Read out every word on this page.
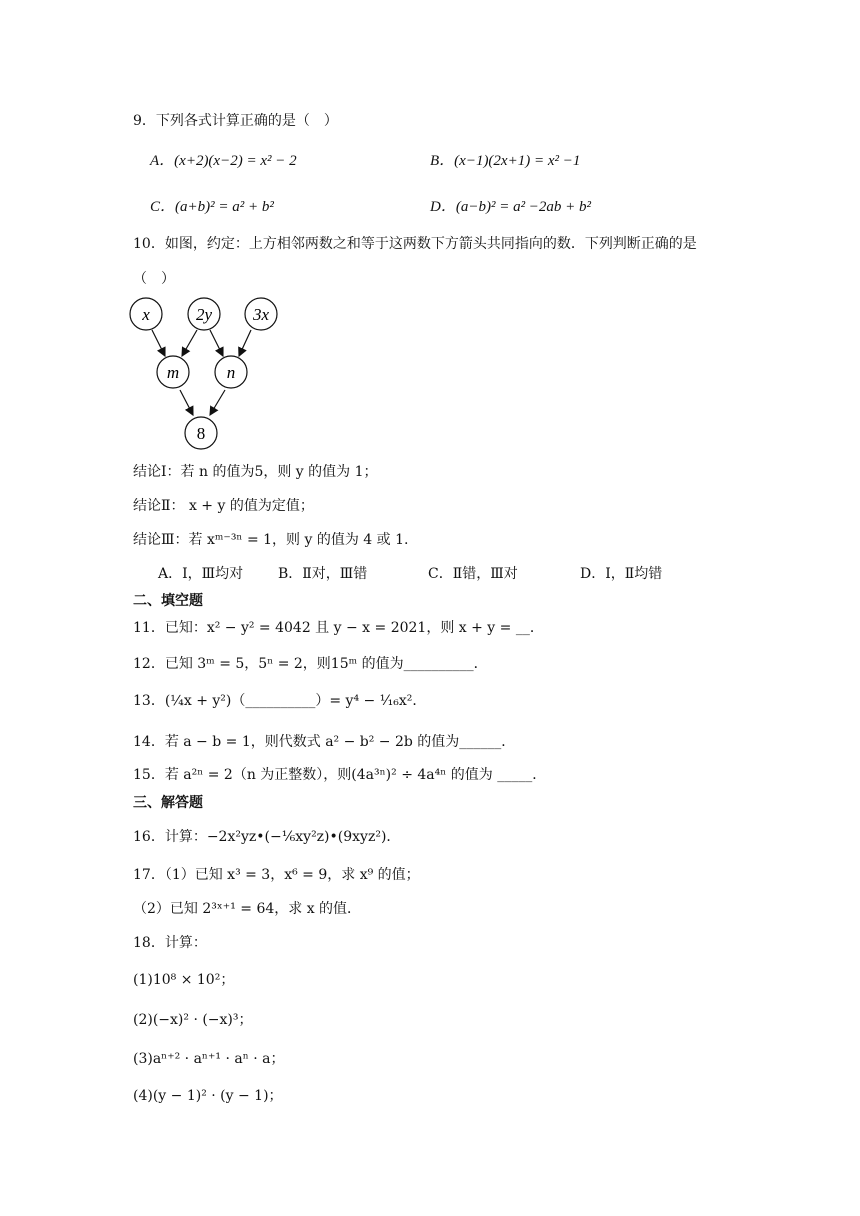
9．下列各式计算正确的是（　）
A．(x+2)(x−2) = x² − 2	B．(x−1)(2x+1) = x² −1
C．(a+b)² = a² + b²	D．(a−b)² = a² −2ab + b²
10．如图，约定：上方相邻两数之和等于这两数下方箭头共同指向的数．下列判断正确的是
（　）
x	2y 3x
m	n
8
结论Ⅰ：若 n 的值为5，则 y 的值为 1；
结论Ⅱ： x + y 的值为定值；
结论Ⅲ：若 xᵐ⁻³ⁿ = 1，则 y 的值为 4 或 1.
A．Ⅰ，Ⅲ均对 B．Ⅱ对，Ⅲ错	C．Ⅱ错，Ⅲ对	D．Ⅰ，Ⅱ均错
二、填空题
11．已知：x² − y² = 4042 且 y − x = 2021，则 x + y = __．
12．已知 3ᵐ = 5，5ⁿ = 2，则15ᵐ 的值为__________．
13．(¼x + y²)（__________）= y⁴ − ¹⁄₁₆x²．
14．若 a − b = 1，则代数式 a² − b² − 2b 的值为______．
15．若 a²ⁿ = 2（n 为正整数），则(4a³ⁿ)² ÷ 4a⁴ⁿ 的值为 _____．
三、解答题
16．计算：−2x²yz•(−⅙xy²z)•(9xyz²)．
17．（1）已知 x³ = 3，x⁶ = 9，求 x⁹ 的值；
（2）已知 2³ˣ⁺¹ = 64，求 x 的值．
18．计算：
(1)10⁸ × 10²；
(2)(−x)² · (−x)³；
(3)aⁿ⁺² · aⁿ⁺¹ · aⁿ · a；
(4)(y − 1)² · (y − 1)；
